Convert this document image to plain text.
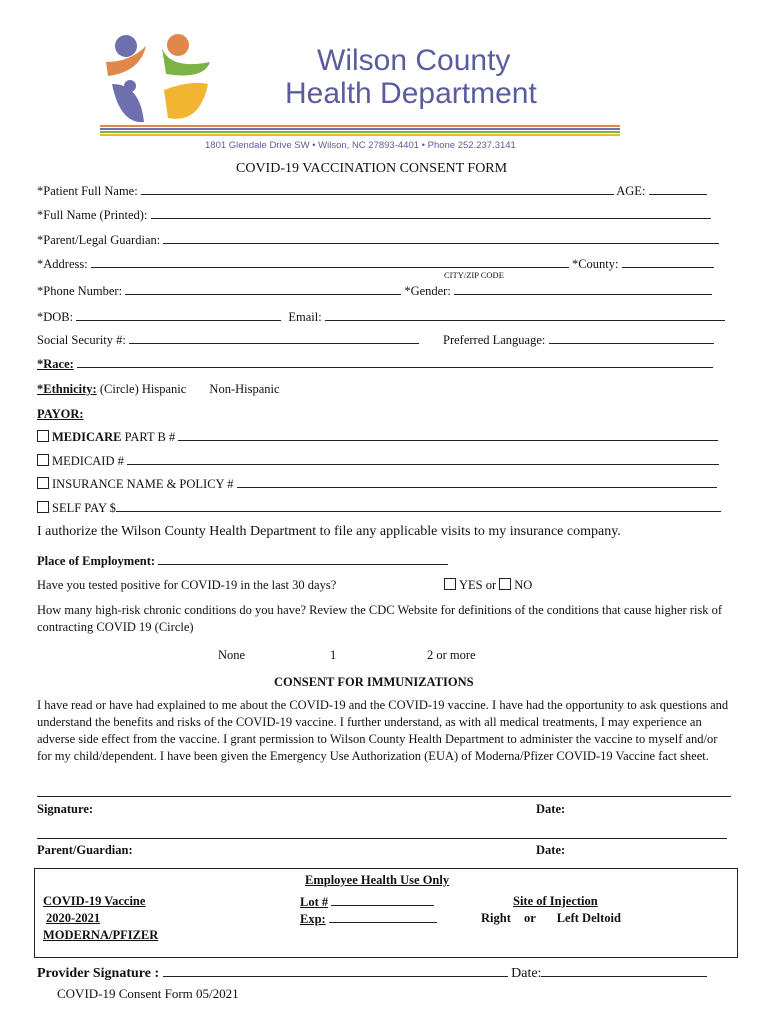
Wilson County
Health Department
1801 Glendale Drive SW • Wilson, NC 27893-4401 • Phone 252.237.3141
COVID-19 VACCINATION CONSENT FORM
*Patient Full Name:	AGE:
*Full Name (Printed):
*Parent/Legal Guardian:
*Address:	*County:
CITY/ZIP CODE
*Phone Number:	*Gender:
*DOB:	Email:
Social Security #:	Preferred Language:
*Race:
*Ethnicity: (Circle) Hispanic Non-Hispanic
PAYOR:
MEDICARE PART B #
MEDICAID #
INSURANCE NAME & POLICY #
SELF PAY $
I authorize the Wilson County Health Department to file any applicable visits to my insurance company.
Place of Employment:
Have you tested positive for COVID-19 in the last 30 days?	YES or NO
How many high-risk chronic conditions do you have? Review the CDC Website for definitions of the conditions that cause higher risk of contracting COVID 19 (Circle)
None	1	2 or more
CONSENT FOR IMMUNIZATIONS
I have read or have had explained to me about the COVID-19 and the COVID-19 vaccine. I have had the opportunity to ask questions and understand the benefits and risks of the COVID-19 vaccine. I further understand, as with all medical treatments, I may experience an adverse side effect from the vaccine. I grant permission to Wilson County Health Department to administer the vaccine to myself and/or for my child/dependent. I have been given the Emergency Use Authorization (EUA) of Moderna/Pfizer COVID-19 Vaccine fact sheet.
Signature:	Date:
Parent/Guardian:	Date:
Employee Health Use Only
COVID-19 Vaccine
2020-2021
MODERNA/PFIZER
Lot #
Exp:
Site of Injection
Right or Left Deltoid
Provider Signature :	Date:
COVID-19 Consent Form 05/2021
